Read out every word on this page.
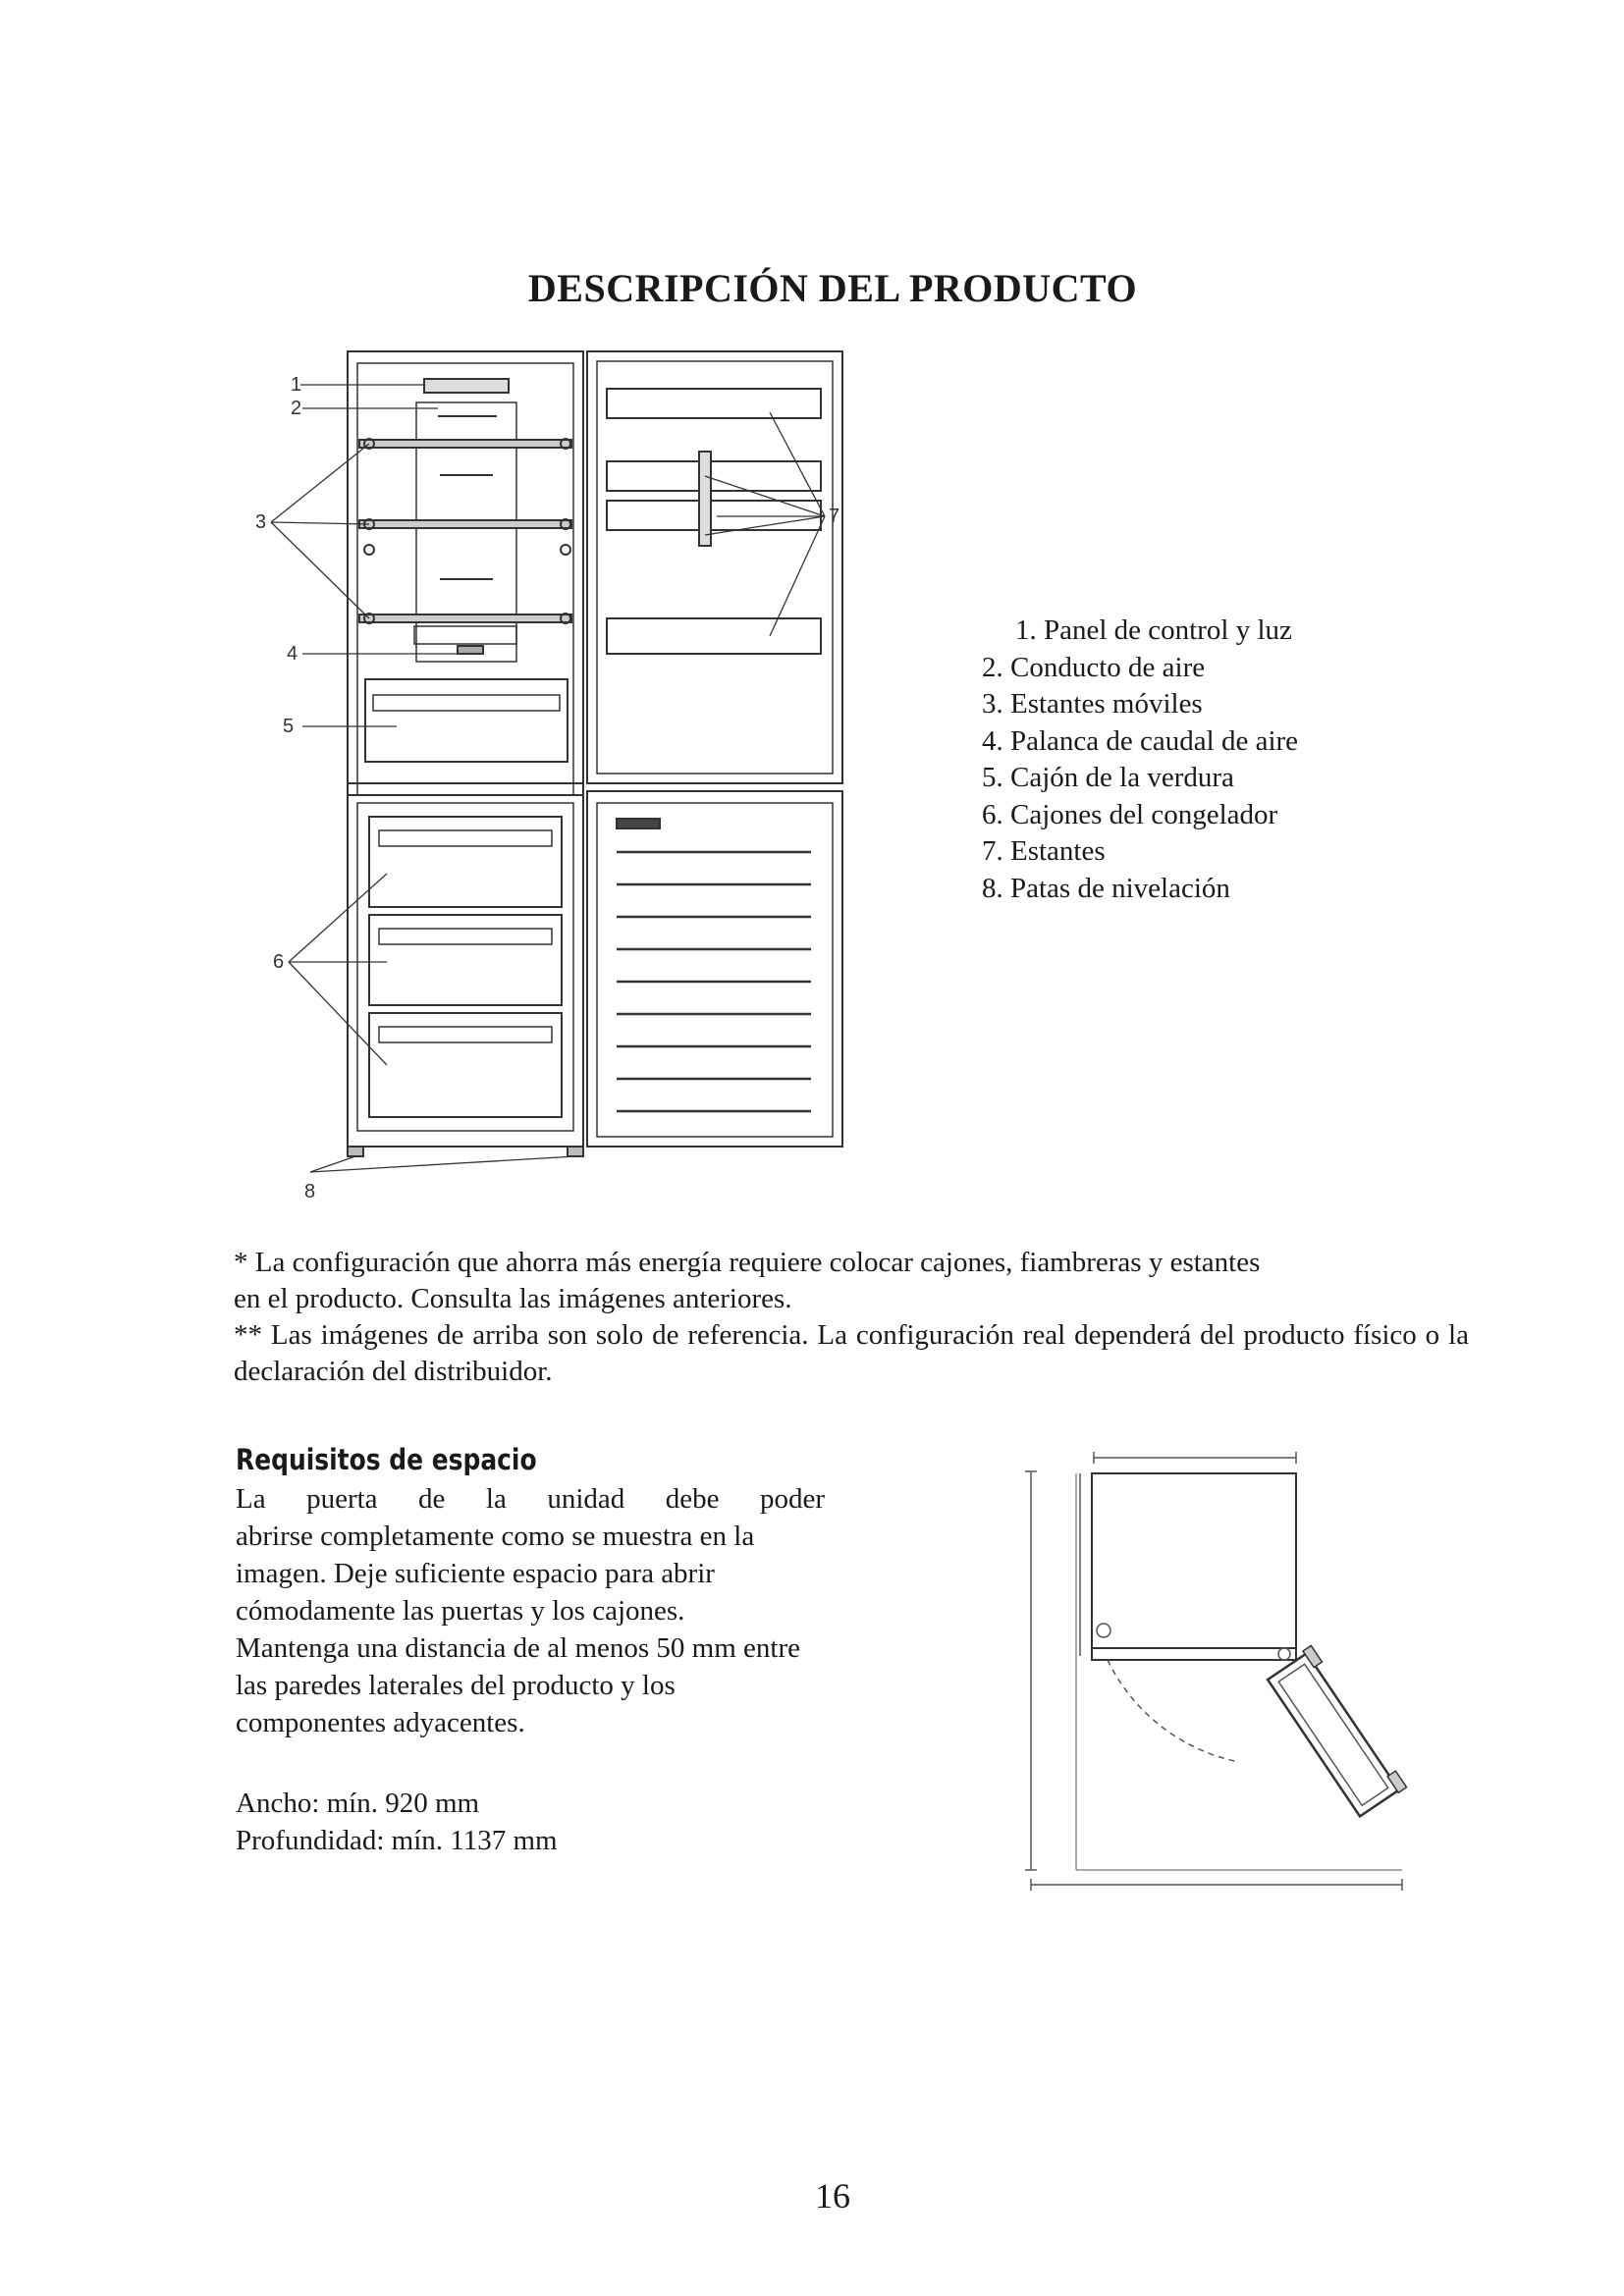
DESCRIPCIÓN DEL PRODUCTO
1
2
3
4
5
6
7
8
1. Panel de control y luz
2. Conducto de aire
3. Estantes móviles
4. Palanca de caudal de aire
5. Cajón de la verdura
6. Cajones del congelador
7. Estantes
8. Patas de nivelación

* La configuración que ahorra más energía requiere colocar cajones, fiambreras y estantes

en el producto. Consulta las imágenes anteriores.

** Las imágenes de arriba son solo de referencia. La configuración real dependerá del producto físico o la declaración del distribuidor.

Requisitos de espacio

La puerta de la unidad debe poder

abrirse completamente como se muestra en la

imagen. Deje suficiente espacio para abrir

cómodamente las puertas y los cajones.

Mantenga una distancia de al menos 50 mm entre

las paredes laterales del producto y los

componentes adyacentes.

Ancho: mín. 920 mm
Profundidad: mín. 1137 mm
16
